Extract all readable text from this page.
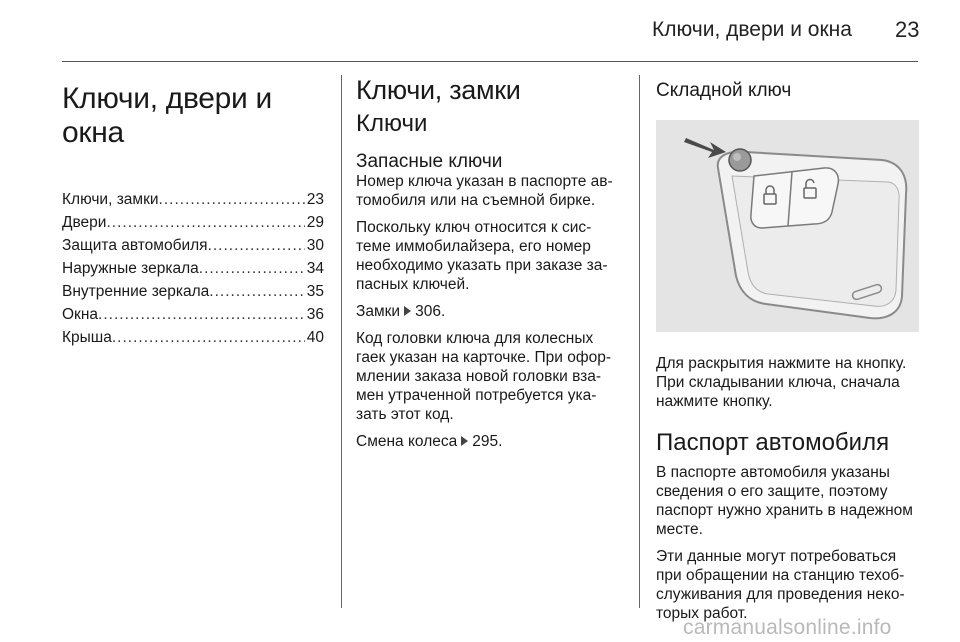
Ключи, двери и окна 23
Ключи, двери и окна
Ключи, замки .....	23
Двери .....	29
Защита автомобиля .....	30
Наружные зеркала .....	34
Внутренние зеркала .....	35
Окна .....	36
Крыша .....	40
Ключи, замки
Ключи
Запасные ключи

Номер ключа указан в паспорте ав-томобиля или на съемной бирке.

Поскольку ключ относится к сис-теме иммобилайзера, его номер необходимо указать при заказе за-пасных ключей.

Замки 306.

Код головки ключа для колесных гаек указан на карточке. При офор-млении заказа новой головки вза-мен утраченной потребуется ука-зать этот код.

Смена колеса 295.

Складной ключ

Для раскрытия нажмите на кнопку. При складывании ключа, сначала нажмите кнопку.

Паспорт автомобиля

В паспорте автомобиля указаны сведения о его защите, поэтому паспорт нужно хранить в надежном месте.

Эти данные могут потребоваться при обращении на станцию техоб-служивания для проведения неко-торых работ.

carmanualsonline.info
